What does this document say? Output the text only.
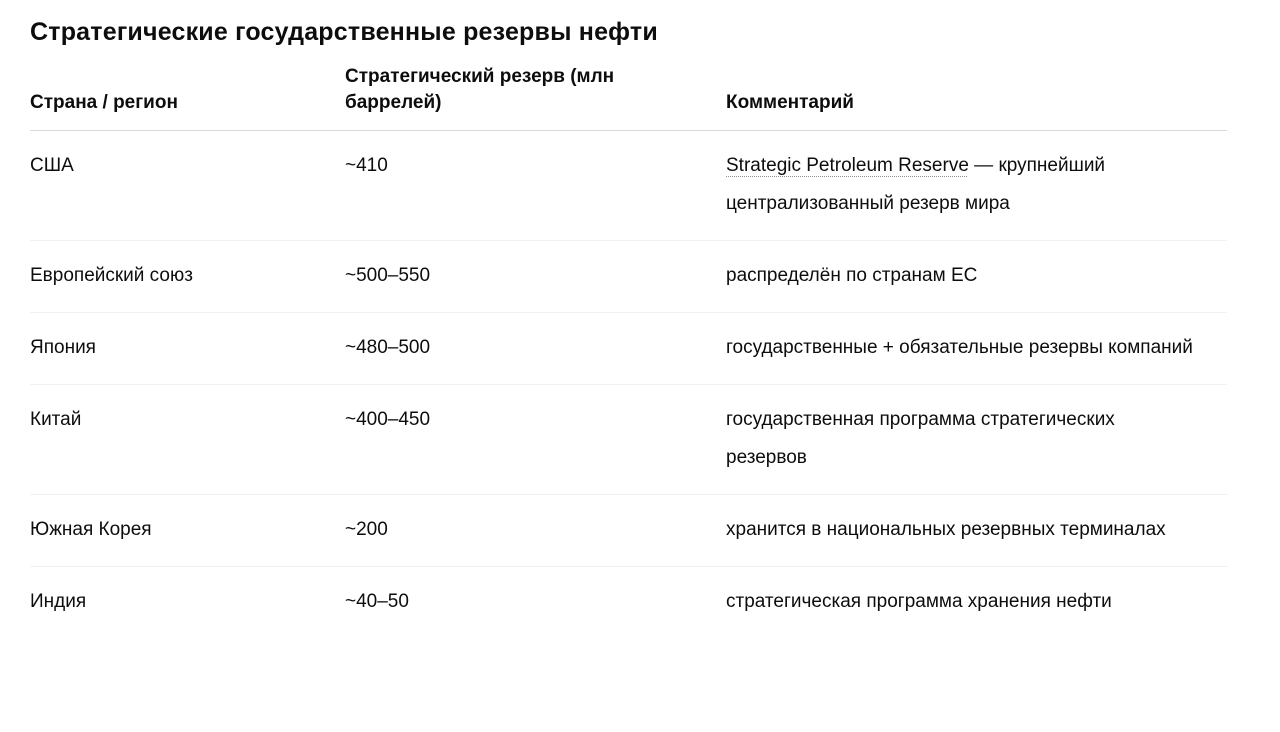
Стратегические государственные резервы нефти
Страна / регион	Стратегический резерв (млн баррелей)	Комментарий
США	~410	Strategic Petroleum Reserve — крупнейший централизованный резерв мира
Европейский союз	~500–550	распределён по странам ЕС
Япония	~480–500	государственные + обязательные резервы компаний
Китай	~400–450	государственная программа стратегических резервов
Южная Корея	~200	хранится в национальных резервных терминалах
Индия	~40–50	стратегическая программа хранения нефти
